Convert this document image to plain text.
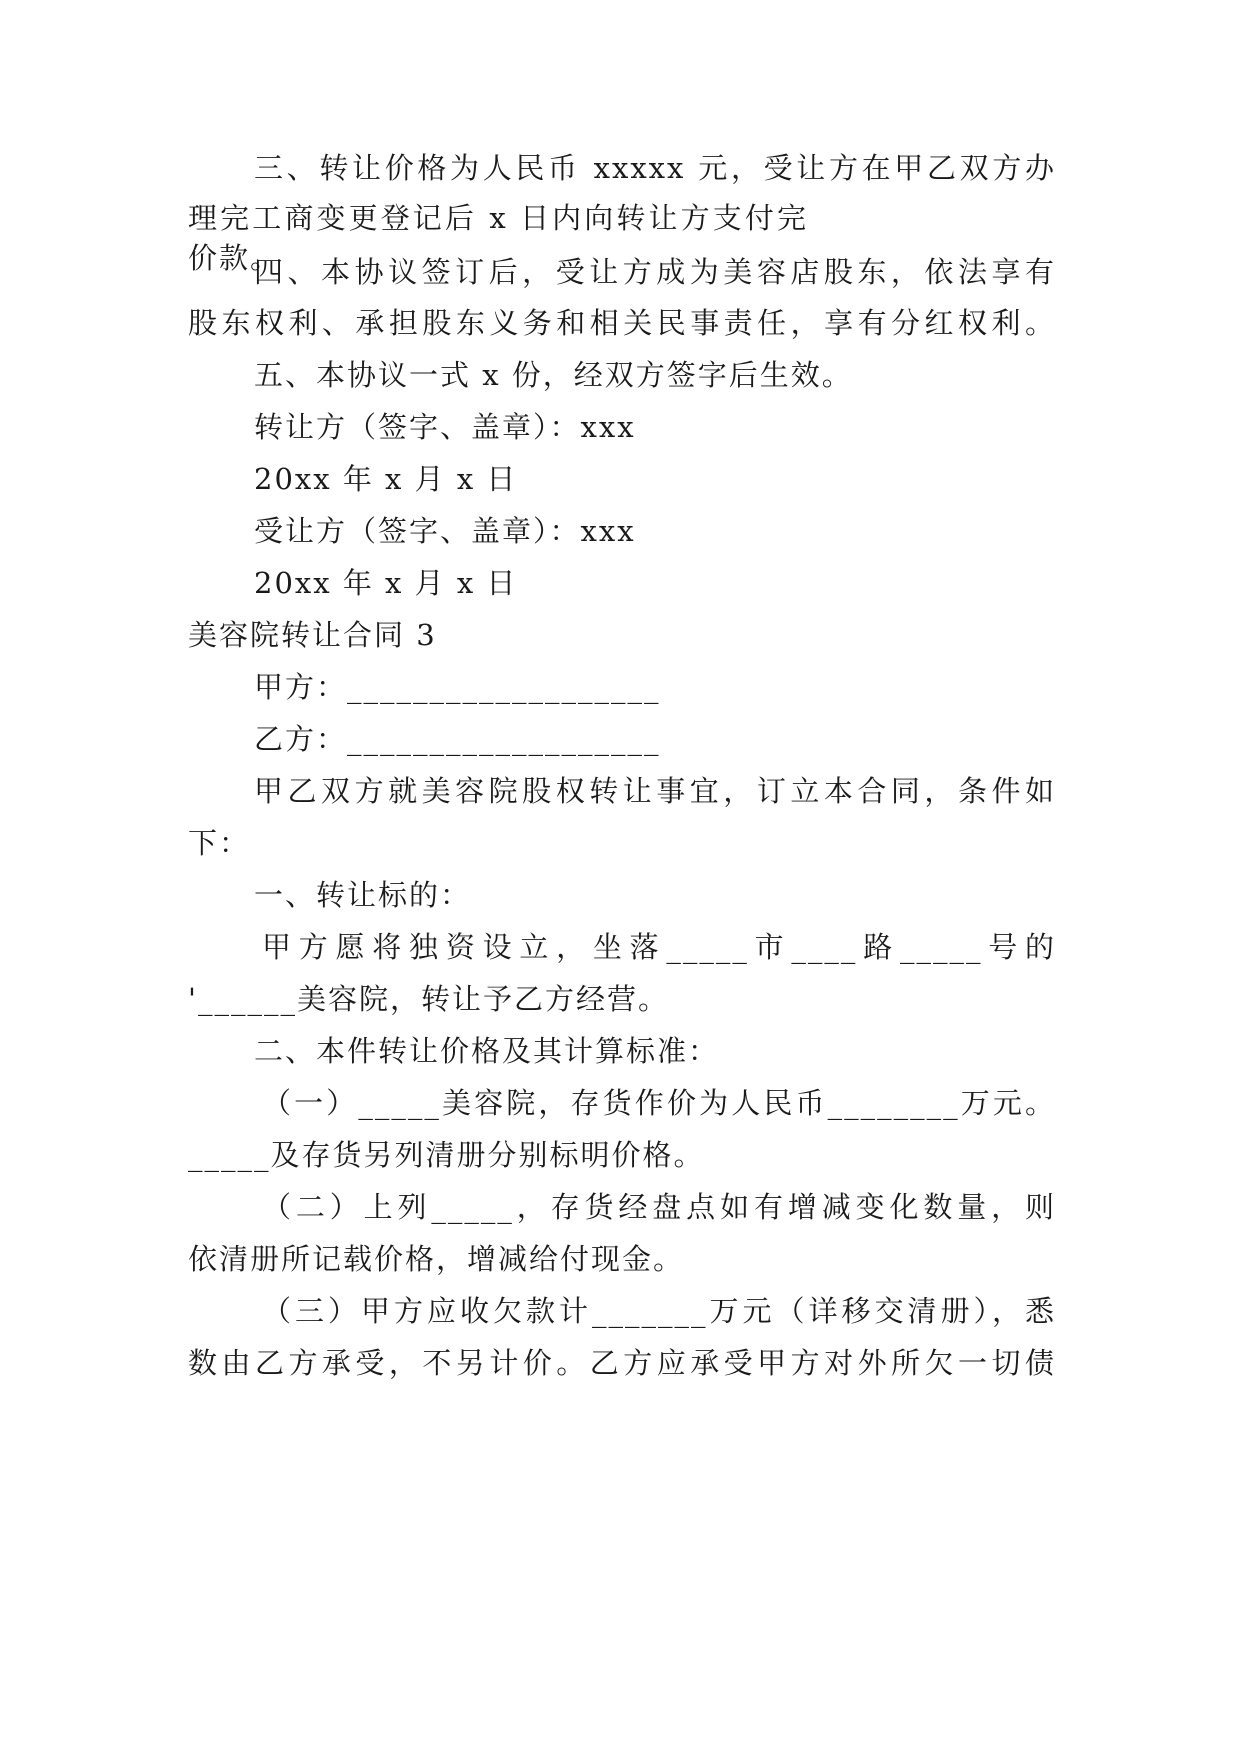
三、转让价格为人民币 xxxxx 元，受让方在甲乙双方办
理完工商变更登记后 x 日内向转让方支付完价款。
四、本协议签订后，受让方成为美容店股东，依法享有
股东权利、承担股东义务和相关民事责任，享有分红权利。
五、本协议一式 x 份，经双方签字后生效。
转让方（签字、盖章）：xxx
20xx 年 x 月 x 日
受让方（签字、盖章）：xxx
20xx 年 x 月 x 日
美容院转让合同 3
甲方：___________________
乙方：___________________
甲乙双方就美容院股权转让事宜，订立本合同，条件如
下：
一、转让标的：
甲方愿将独资设立，坐落_____市____路_____号的
'______美容院，转让予乙方经营。
二、本件转让价格及其计算标准：
（一）_____美容院，存货作价为人民币________万元。
_____及存货另列清册分别标明价格。
（二）上列_____，存货经盘点如有增减变化数量，则
依清册所记载价格，增减给付现金。
（三）甲方应收欠款计_______万元（详移交清册），悉
数由乙方承受，不另计价。乙方应承受甲方对外所欠一切债
